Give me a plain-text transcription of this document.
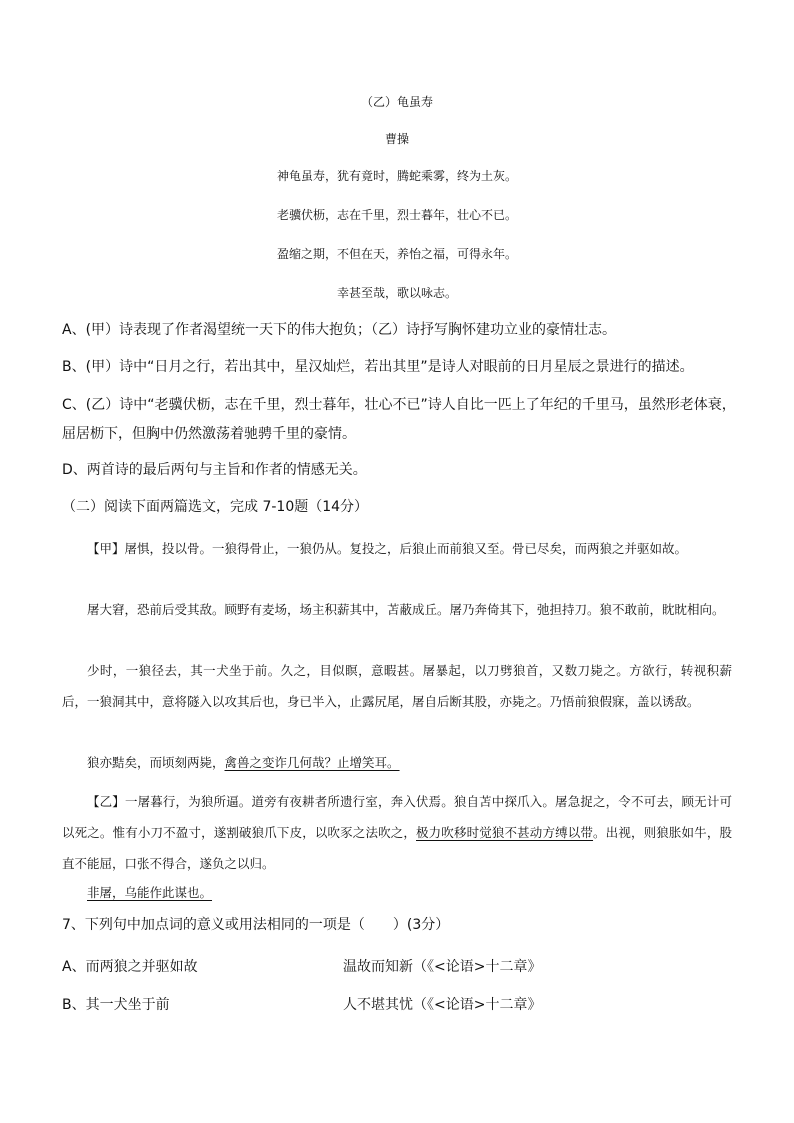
（乙）龟虽寿
曹操
神龟虽寿，犹有竟时，腾蛇乘雾，终为土灰。
老骥伏枥，志在千里，烈士暮年，壮心不已。
盈缩之期，不但在天，养怡之福，可得永年。
幸甚至哉，歌以咏志。
A、(甲）诗表现了作者渴望统一天下的伟大抱负；（乙）诗抒写胸怀建功立业的豪情壮志。
B、(甲）诗中“日月之行，若出其中，星汉灿烂，若出其里”是诗人对眼前的日月星辰之景进行的描述。
C、(乙）诗中“老骥伏枥，志在千里，烈士暮年，壮心不已”诗人自比一匹上了年纪的千里马，虽然形老体衰，屈居枥下，但胸中仍然激荡着驰骋千里的豪情。
D、两首诗的最后两句与主旨和作者的情感无关。
（二）阅读下面两篇选文，完成 7-10题（14分）
【甲】屠惧，投以骨。一狼得骨止，一狼仍从。复投之，后狼止而前狼又至。骨已尽矣，而两狼之并驱如故。
屠大窘，恐前后受其敌。顾野有麦场，场主积薪其中，苫蔽成丘。屠乃奔倚其下，弛担持刀。狼不敢前，眈眈相向。
少时，一狼径去，其一犬坐于前。久之，目似瞑，意暇甚。屠暴起，以刀劈狼首，又数刀毙之。方欲行，转视积薪后，一狼洞其中，意将隧入以攻其后也，身已半入，止露尻尾，屠自后断其股，亦毙之。乃悟前狼假寐，盖以诱敌。
狼亦黠矣，而顷刻两毙，禽兽之变诈几何哉？止增笑耳。
【乙】一屠暮行，为狼所逼。道旁有夜耕者所遗行室，奔入伏焉。狼自苫中探爪入。屠急捉之，令不可去，顾无计可以死之。惟有小刀不盈寸，遂割破狼爪下皮，以吹豕之法吹之，极力吹移时觉狼不甚动方缚以带。出视，则狼胀如牛，股直不能屈，口张不得合，遂负之以归。
非屠，乌能作此谋也。
7、下列句中加点词的意义或用法相同的一项是（　　）(3分）
A、而两狼之并驱如故	温故而知新（《<论语>十二章》
B、其一犬坐于前	人不堪其忧（《<论语>十二章》
